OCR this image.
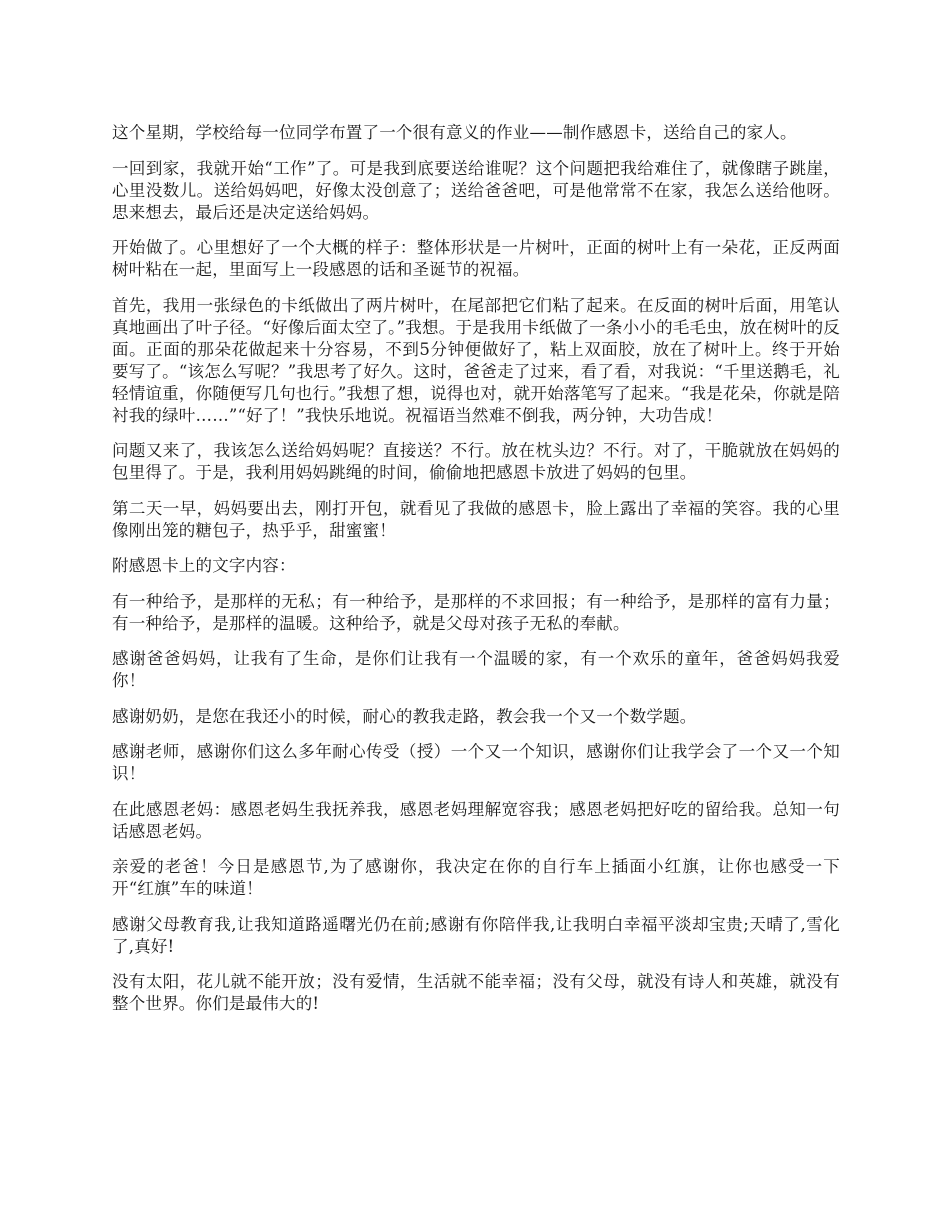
这个星期，学校给每一位同学布置了一个很有意义的作业——制作感恩卡，送给自己的家人。

一回到家，我就开始“工作”了。可是我到底要送给谁呢？这个问题把我给难住了，就像瞎子跳崖，心里没数儿。送给妈妈吧，好像太没创意了；送给爸爸吧，可是他常常不在家，我怎么送给他呀。思来想去，最后还是决定送给妈妈。

开始做了。心里想好了一个大概的样子：整体形状是一片树叶，正面的树叶上有一朵花，正反两面树叶粘在一起，里面写上一段感恩的话和圣诞节的祝福。

首先，我用一张绿色的卡纸做出了两片树叶，在尾部把它们粘了起来。在反面的树叶后面，用笔认真地画出了叶子径。“好像后面太空了。”我想。于是我用卡纸做了一条小小的毛毛虫，放在树叶的反面。正面的那朵花做起来十分容易，不到5分钟便做好了，粘上双面胶，放在了树叶上。终于开始要写了。“该怎么写呢？”我思考了好久。这时，爸爸走了过来，看了看，对我说：“千里送鹅毛，礼轻情谊重，你随便写几句也行。”我想了想，说得也对，就开始落笔写了起来。“我是花朵，你就是陪衬我的绿叶……”“好了！”我快乐地说。祝福语当然难不倒我，两分钟，大功告成！

问题又来了，我该怎么送给妈妈呢？直接送？不行。放在枕头边？不行。对了，干脆就放在妈妈的包里得了。于是，我利用妈妈跳绳的时间，偷偷地把感恩卡放进了妈妈的包里。

第二天一早，妈妈要出去，刚打开包，就看见了我做的感恩卡，脸上露出了幸福的笑容。我的心里像刚出笼的糖包子，热乎乎，甜蜜蜜！

附感恩卡上的文字内容：

有一种给予，是那样的无私；有一种给予，是那样的不求回报；有一种给予，是那样的富有力量；有一种给予，是那样的温暖。这种给予，就是父母对孩子无私的奉献。

感谢爸爸妈妈，让我有了生命，是你们让我有一个温暖的家，有一个欢乐的童年，爸爸妈妈我爱你！

感谢奶奶，是您在我还小的时候，耐心的教我走路，教会我一个又一个数学题。

感谢老师，感谢你们这么多年耐心传受（授）一个又一个知识，感谢你们让我学会了一个又一个知识！

在此感恩老妈：感恩老妈生我抚养我，感恩老妈理解宽容我；感恩老妈把好吃的留给我。总知一句话感恩老妈。

亲爱的老爸！今日是感恩节,为了感谢你，我决定在你的自行车上插面小红旗，让你也感受一下开“红旗”车的味道！

感谢父母教育我,让我知道路遥曙光仍在前;感谢有你陪伴我,让我明白幸福平淡却宝贵;天晴了,雪化了,真好!

没有太阳，花儿就不能开放；没有爱情，生活就不能幸福；没有父母，就没有诗人和英雄，就没有整个世界。你们是最伟大的!
